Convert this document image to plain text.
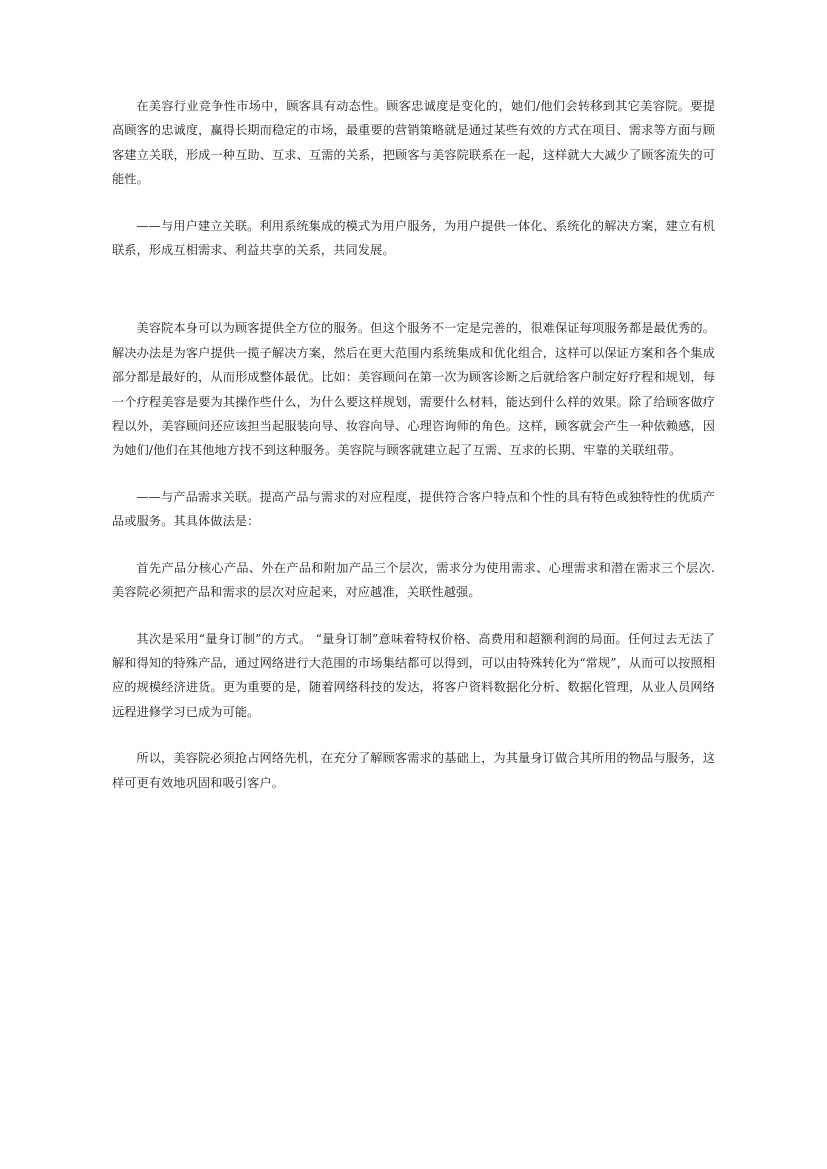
在美容行业竞争性市场中，顾客具有动态性。顾客忠诚度是变化的，她们/他们会转移到其它美容院。要提高顾客的忠诚度，赢得长期而稳定的市场，最重要的营销策略就是通过某些有效的方式在项目、需求等方面与顾客建立关联，形成一种互助、互求、互需的关系，把顾客与美容院联系在一起，这样就大大减少了顾客流失的可能性。

——与用户建立关联。利用系统集成的模式为用户服务，为用户提供一体化、系统化的解决方案，建立有机联系，形成互相需求、利益共享的关系，共同发展。

美容院本身可以为顾客提供全方位的服务。但这个服务不一定是完善的，很难保证每项服务都是最优秀的。解决办法是为客户提供一揽子解决方案，然后在更大范围内系统集成和优化组合，这样可以保证方案和各个集成部分都是最好的，从而形成整体最优。比如：美容顾问在第一次为顾客诊断之后就给客户制定好疗程和规划，每一个疗程美容是要为其操作些什么，为什么要这样规划，需要什么材料，能达到什么样的效果。除了给顾客做疗程以外，美容顾问还应该担当起服装向导、妆容向导、心理咨询师的角色。这样，顾客就会产生一种依赖感，因为她们/他们在其他地方找不到这种服务。美容院与顾客就建立起了互需、互求的长期、牢靠的关联纽带。

——与产品需求关联。提高产品与需求的对应程度，提供符合客户特点和个性的具有特色或独特性的优质产品或服务。其具体做法是：

首先产品分核心产品、外在产品和附加产品三个层次，需求分为使用需求、心理需求和潜在需求三个层次.美容院必须把产品和需求的层次对应起来，对应越准，关联性越强。

其次是采用“量身订制”的方式。 “量身订制”意味着特权价格、高费用和超额利润的局面。任何过去无法了解和得知的特殊产品，通过网络进行大范围的市场集结都可以得到，可以由特殊转化为“常规”，从而可以按照相应的规模经济进货。更为重要的是，随着网络科技的发达，将客户资料数据化分析、数据化管理，从业人员网络远程进修学习已成为可能。

所以，美容院必须抢占网络先机，在充分了解顾客需求的基础上，为其量身订做合其所用的物品与服务，这样可更有效地巩固和吸引客户。
